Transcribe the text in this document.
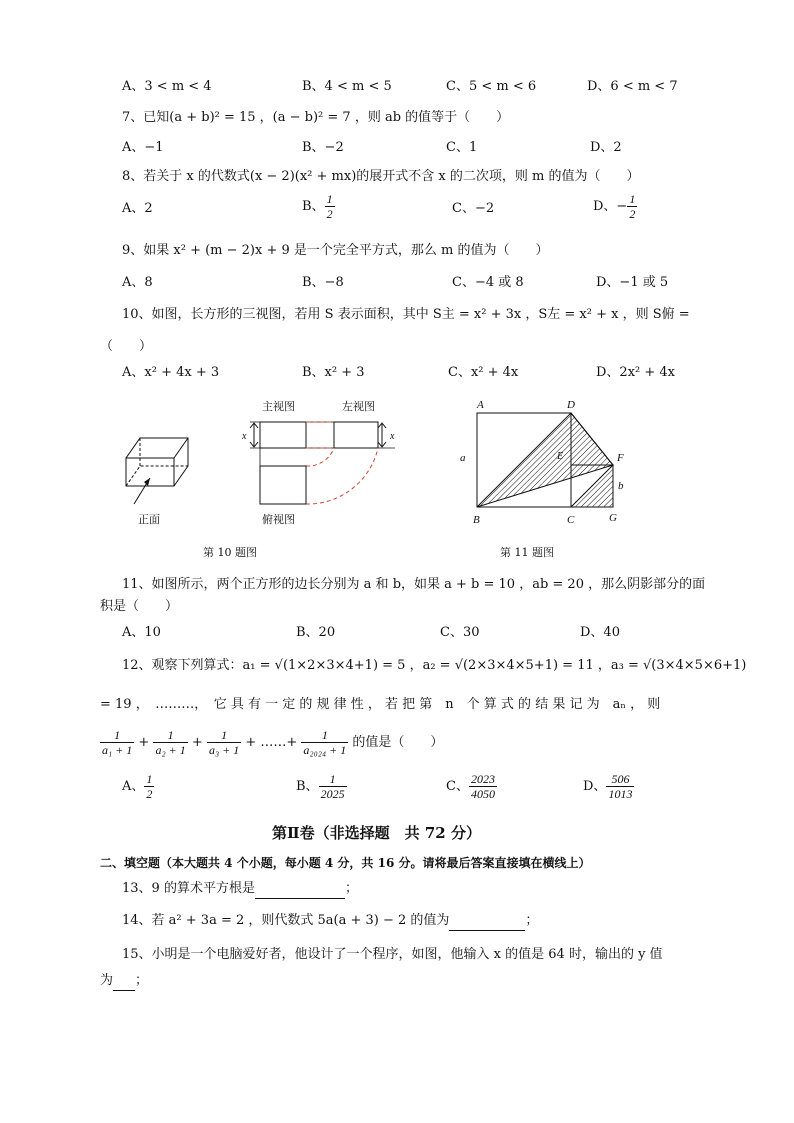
A、3 < m < 4	B、4 < m < 5	C、5 < m < 6	D、6 < m < 7
7、已知(a + b)² = 15 ，(a − b)² = 7 ，则 ab 的值等于（　　）
A、−1	B、−2	C、1	D、2
8、若关于 x 的代数式(x − 2)(x² + mx)的展开式不含 x 的二次项，则 m 的值为（　　）
A、2	B、 $\frac{1}{2}$	C、−2	D、− $\frac{1}{2}$
9、如果 x² + (m − 2)x + 9 是一个完全平方式，那么 m 的值为（　　）
A、8	B、−8	C、−4 或 8	D、−1 或 5
10、如图，长方形的三视图，若用 S 表示面积，其中 S主 = x² + 3x ，S左 = x² + x ，则 S俯 =
（　　）
A、x² + 4x + 3	B、x² + 3	C、x² + 4x	D、2x² + 4x
正面
主视图	左视图
x	x
俯视图
第 10 题图
A	D
E	F
a
b
B	C	G
第 11 题图
11、如图所示，两个正方形的边长分别为 a 和 b，如果 a + b = 10 ，ab = 20 ，那么阴影部分的面
积是（　　）
A、10	B、20	C、30	D、40
12、观察下列算式：a₁ = √(1×2×3×4+1) = 5 ，a₂ = √(2×3×4×5+1) = 11 ，a₃ = √(3×4×5×6+1)
= 19 ，　………，　它 具 有 一 定 的 规 律 性 ， 若 把 第　n　个 算 式 的 结 果 记 为　aₙ ， 则
$\frac{1}{\text{a₁ + 1}} + \frac{1}{\text{a₂ + 1}} + \frac{1}{\text{a₃ + 1}}$ + ……+ $\frac{1}{\text{a₂₀₂₄ + 1}}$ 的值是（　　）
A、 $\frac{1}{2}$	B、 $\frac{1}{2025}$	C、 $\frac{2023}{4050}$	D、 $\frac{506}{1013}$
第Ⅱ卷（非选择题　共 72 分）
二、填空题（本大题共 4 个小题，每小题 4 分，共 16 分。请将最后答案直接填在横线上）
13、9 的算术平方根是	；
14、若 a² + 3a = 2 ，则代数式 5a(a + 3) − 2 的值为	；
15、小明是一个电脑爱好者，他设计了一个程序，如图，他输入 x 的值是 64 时，输出的 y 值
为 ；
